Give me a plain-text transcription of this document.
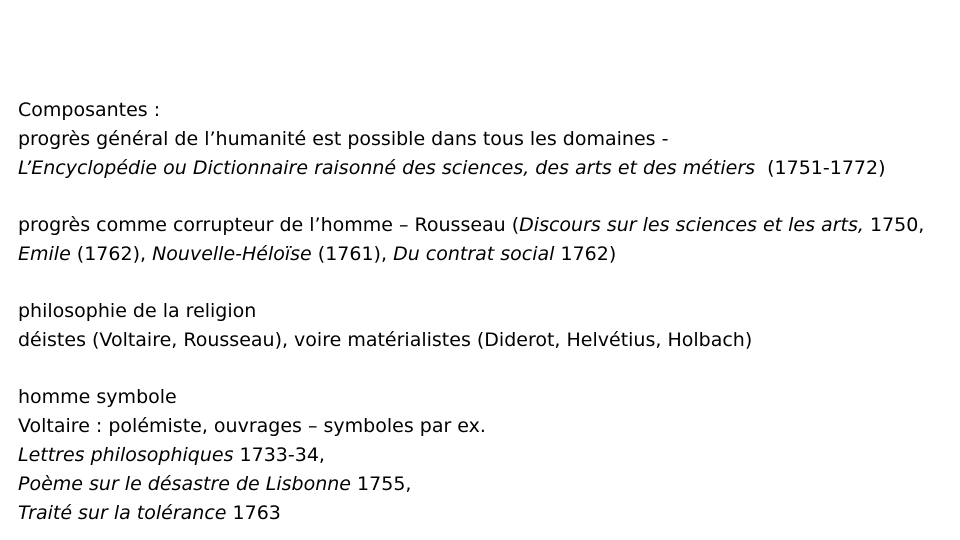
Composantes :
progrès général de l’humanité est possible dans tous les domaines -
L’Encyclopédie ou Dictionnaire raisonné des sciences, des arts et des métiers  (1751-1772)
progrès comme corrupteur de l’homme – Rousseau (Discours sur les sciences et les arts, 1750,
Emile (1762), Nouvelle-Héloïse (1761), Du contrat social 1762)
philosophie de la religion
déistes (Voltaire, Rousseau), voire matérialistes (Diderot, Helvétius, Holbach)
homme symbole
Voltaire : polémiste, ouvrages – symboles par ex.
Lettres philosophiques 1733-34,
Poème sur le désastre de Lisbonne 1755,
Traité sur la tolérance 1763
